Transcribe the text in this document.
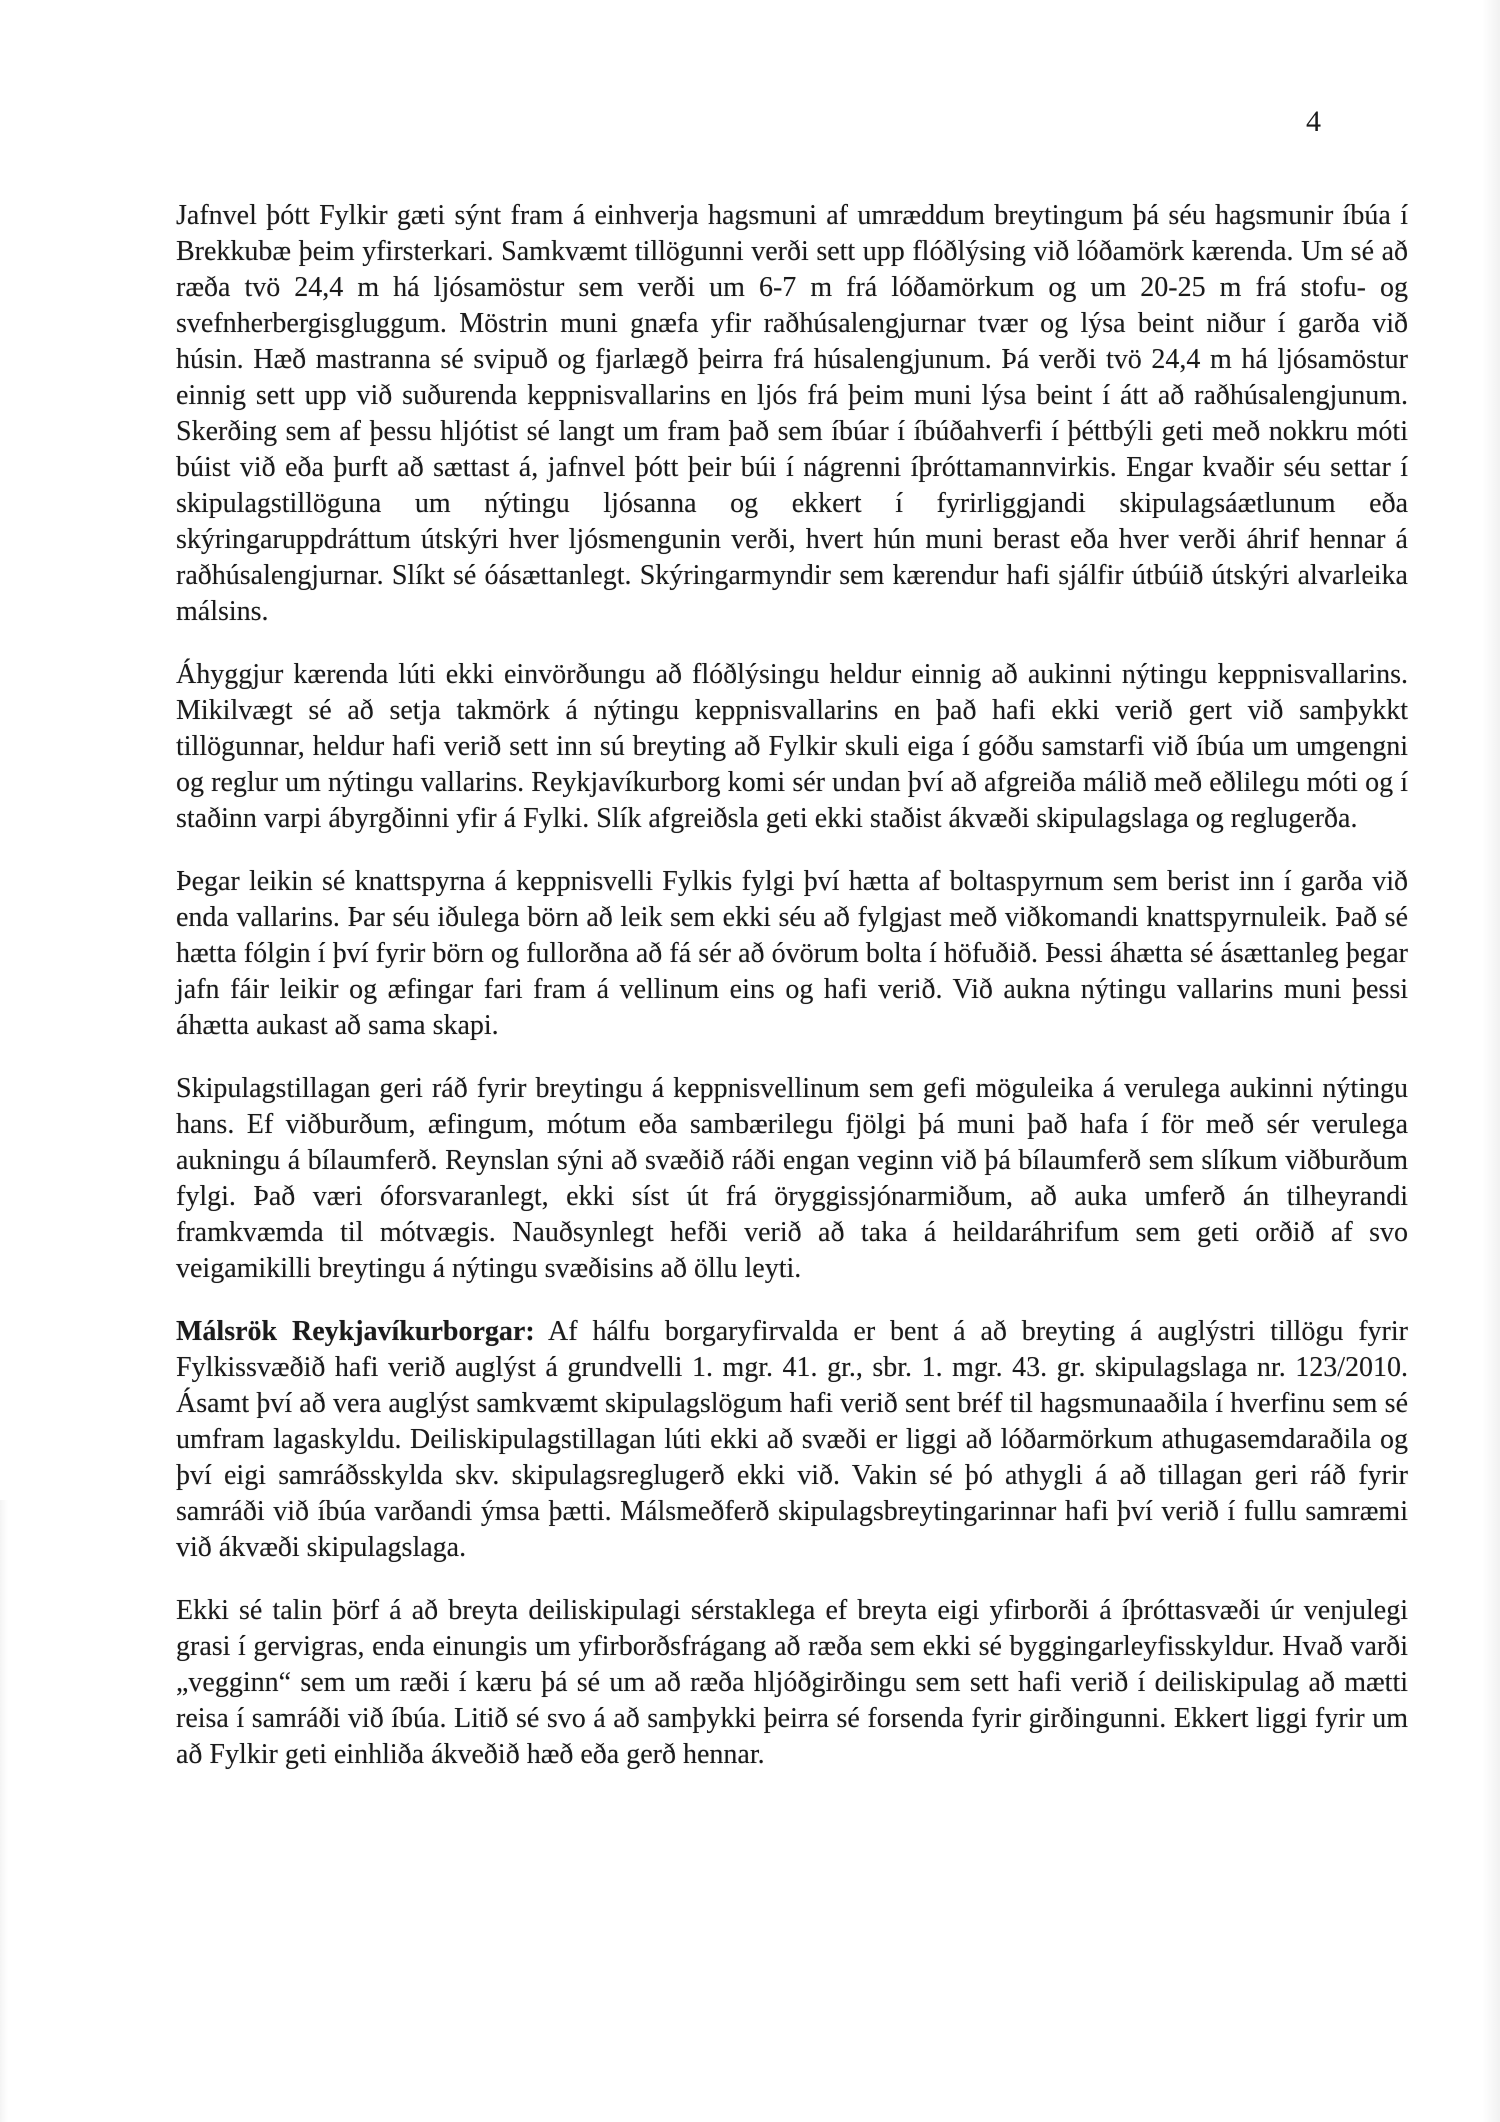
4

Jafnvel þótt Fylkir gæti sýnt fram á einhverja hagsmuni af umræddum breytingum þá séu hagsmunir íbúa í Brekkubæ þeim yfirsterkari. Samkvæmt tillögunni verði sett upp flóðlýsing við lóðamörk kærenda. Um sé að ræða tvö 24,4 m há ljósamöstur sem verði um 6-7 m frá lóðamörkum og um 20-25 m frá stofu- og svefnherbergisgluggum. Möstrin muni gnæfa yfir raðhúsalengjurnar tvær og lýsa beint niður í garða við húsin. Hæð mastranna sé svipuð og fjarlægð þeirra frá húsalengjunum. Þá verði tvö 24,4 m há ljósamöstur einnig sett upp við suðurenda keppnisvallarins en ljós frá þeim muni lýsa beint í átt að raðhúsalengjunum. Skerðing sem af þessu hljótist sé langt um fram það sem íbúar í íbúðahverfi í þéttbýli geti með nokkru móti búist við eða þurft að sættast á, jafnvel þótt þeir búi í nágrenni íþróttamannvirkis. Engar kvaðir séu settar í skipulagstillöguna um nýtingu ljósanna og ekkert í fyrirliggjandi skipulagsáætlunum eða skýringaruppdráttum útskýri hver ljósmengunin verði, hvert hún muni berast eða hver verði áhrif hennar á raðhúsalengjurnar. Slíkt sé óásættanlegt. Skýringarmyndir sem kærendur hafi sjálfir útbúið útskýri alvarleika málsins.

Áhyggjur kærenda lúti ekki einvörðungu að flóðlýsingu heldur einnig að aukinni nýtingu keppnisvallarins. Mikilvægt sé að setja takmörk á nýtingu keppnisvallarins en það hafi ekki verið gert við samþykkt tillögunnar, heldur hafi verið sett inn sú breyting að Fylkir skuli eiga í góðu samstarfi við íbúa um umgengni og reglur um nýtingu vallarins. Reykjavíkurborg komi sér undan því að afgreiða málið með eðlilegu móti og í staðinn varpi ábyrgðinni yfir á Fylki. Slík afgreiðsla geti ekki staðist ákvæði skipulagslaga og reglugerða.

Þegar leikin sé knattspyrna á keppnisvelli Fylkis fylgi því hætta af boltaspyrnum sem berist inn í garða við enda vallarins. Þar séu iðulega börn að leik sem ekki séu að fylgjast með viðkomandi knattspyrnuleik. Það sé hætta fólgin í því fyrir börn og fullorðna að fá sér að óvörum bolta í höfuðið. Þessi áhætta sé ásættanleg þegar jafn fáir leikir og æfingar fari fram á vellinum eins og hafi verið. Við aukna nýtingu vallarins muni þessi áhætta aukast að sama skapi.

Skipulagstillagan geri ráð fyrir breytingu á keppnisvellinum sem gefi möguleika á verulega aukinni nýtingu hans. Ef viðburðum, æfingum, mótum eða sambærilegu fjölgi þá muni það hafa í för með sér verulega aukningu á bílaumferð. Reynslan sýni að svæðið ráði engan veginn við þá bílaumferð sem slíkum viðburðum fylgi. Það væri óforsvaranlegt, ekki síst út frá öryggissjónarmiðum, að auka umferð án tilheyrandi framkvæmda til mótvægis. Nauðsynlegt hefði verið að taka á heildaráhrifum sem geti orðið af svo veigamikilli breytingu á nýtingu svæðisins að öllu leyti.

Málsrök Reykjavíkurborgar: Af hálfu borgaryfirvalda er bent á að breyting á auglýstri tillögu fyrir Fylkissvæðið hafi verið auglýst á grundvelli 1. mgr. 41. gr., sbr. 1. mgr. 43. gr. skipulagslaga nr. 123/2010. Ásamt því að vera auglýst samkvæmt skipulagslögum hafi verið sent bréf til hagsmunaaðila í hverfinu sem sé umfram lagaskyldu. Deiliskipulagstillagan lúti ekki að svæði er liggi að lóðarmörkum athugasemdaraðila og því eigi samráðsskylda skv. skipulagsreglugerð ekki við. Vakin sé þó athygli á að tillagan geri ráð fyrir samráði við íbúa varðandi ýmsa þætti. Málsmeðferð skipulagsbreytingarinnar hafi því verið í fullu samræmi við ákvæði skipulagslaga.

Ekki sé talin þörf á að breyta deiliskipulagi sérstaklega ef breyta eigi yfirborði á íþróttasvæði úr venjulegi grasi í gervigras, enda einungis um yfirborðsfrágang að ræða sem ekki sé byggingarleyfisskyldur. Hvað varði „vegginn“ sem um ræði í kæru þá sé um að ræða hljóðgirðingu sem sett hafi verið í deiliskipulag að mætti reisa í samráði við íbúa. Litið sé svo á að samþykki þeirra sé forsenda fyrir girðingunni. Ekkert liggi fyrir um að Fylkir geti einhliða ákveðið hæð eða gerð hennar.
